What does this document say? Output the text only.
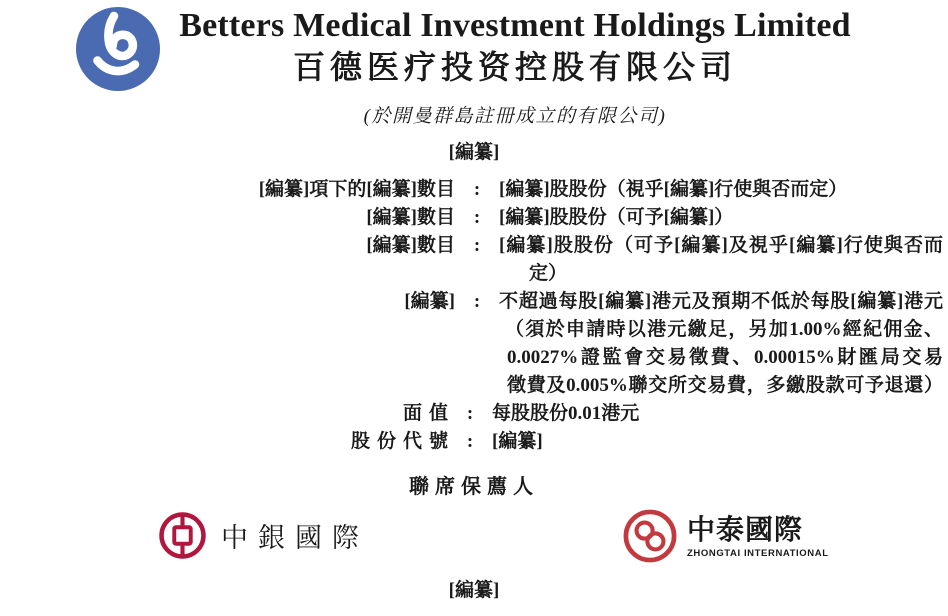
Betters Medical Investment Holdings Limited
百德医疗投资控股有限公司
(於開曼群島註冊成立的有限公司)
[編纂]
[編纂]項下的[編纂]數目 : [編纂]股股份（視乎[編纂]行使與否而定）
[編纂]數目 : [編纂]股股份（可予[編纂]）
[編纂]數目 : [編纂]股股份（可予[編纂]及視乎[編纂]行使與否而
定）
[編纂] : 不超過每股[編纂]港元及預期不低於每股[編纂]港元
（須於申請時以港元繳足，另加1.00%經紀佣金、
0.0027%證監會交易徵費、0.00015%財匯局交易
徵費及0.005%聯交所交易費，多繳股款可予退還）
面值 : 每股股份0.01港元
股份代號 : [編纂]
聯席保薦人
中銀國際	中泰國際
ZHONGTAI INTERNATIONAL
[編纂]
